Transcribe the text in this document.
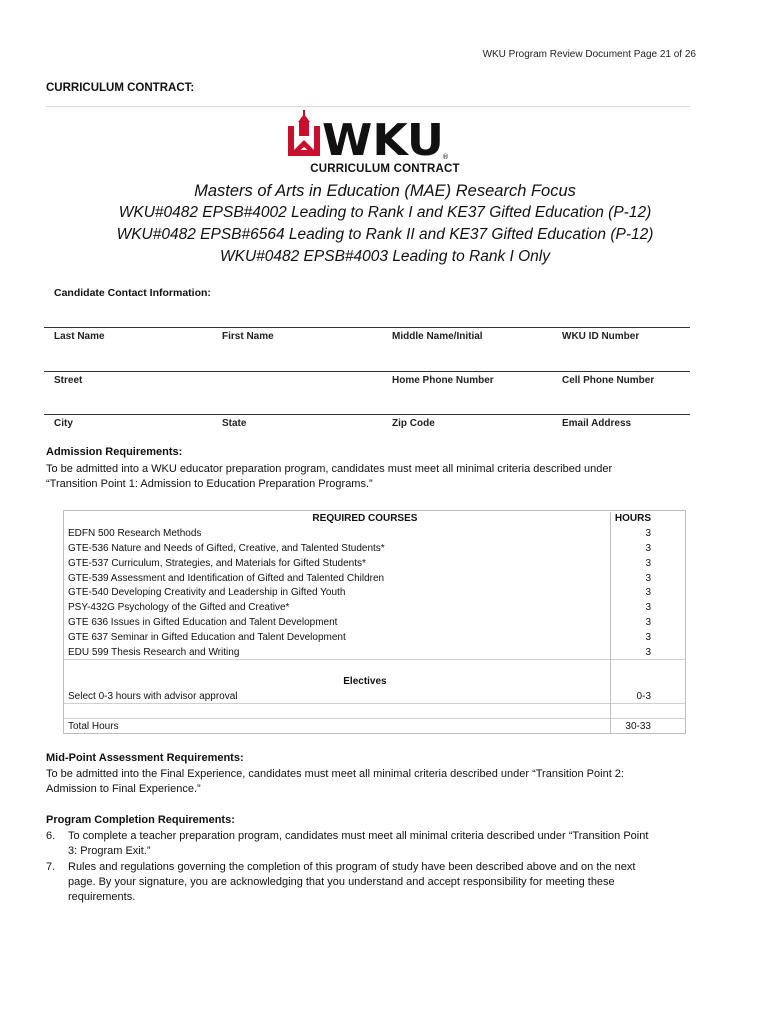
WKU Program Review Document Page 21 of 26
CURRICULUM CONTRACT:
WKU
®
CURRICULUM CONTRACT
Masters of Arts in Education (MAE) Research Focus
WKU#0482 EPSB#4002 Leading to Rank I and KE37 Gifted Education (P-12)
WKU#0482 EPSB#6564 Leading to Rank II and KE37 Gifted Education (P-12)
WKU#0482 EPSB#4003 Leading to Rank I Only
Candidate Contact Information:
Last Name	First Name	Middle Name/Initial	WKU ID Number
Street	Home Phone Number	Cell Phone Number
City	State	Zip Code	Email Address
Admission Requirements:
To be admitted into a WKU educator preparation program, candidates must meet all minimal criteria described under “Transition Point 1: Admission to Education Preparation Programs.”
REQUIRED COURSES	HOURS
EDFN 500 Research Methods	3
GTE-536 Nature and Needs of Gifted, Creative, and Talented Students*	3
GTE-537 Curriculum, Strategies, and Materials for Gifted Students*	3
GTE-539 Assessment and Identification of Gifted and Talented Children	3
GTE-540 Developing Creativity and Leadership in Gifted Youth	3
PSY-432G Psychology of the Gifted and Creative*	3
GTE 636 Issues in Gifted Education and Talent Development	3
GTE 637 Seminar in Gifted Education and Talent Development	3
EDU 599 Thesis Research and Writing	3

Electives	
Select 0-3 hours with advisor approval	0-3

Total Hours	30-33
Mid-Point Assessment Requirements:
To be admitted into the Final Experience, candidates must meet all minimal criteria described under “Transition Point 2: Admission to Final Experience.”
Program Completion Requirements:
6.	To complete a teacher preparation program, candidates must meet all minimal criteria described under “Transition Point 3: Program Exit.”
7.	Rules and regulations governing the completion of this program of study have been described above and on the next page. By your signature, you are acknowledging that you understand and accept responsibility for meeting these requirements.
